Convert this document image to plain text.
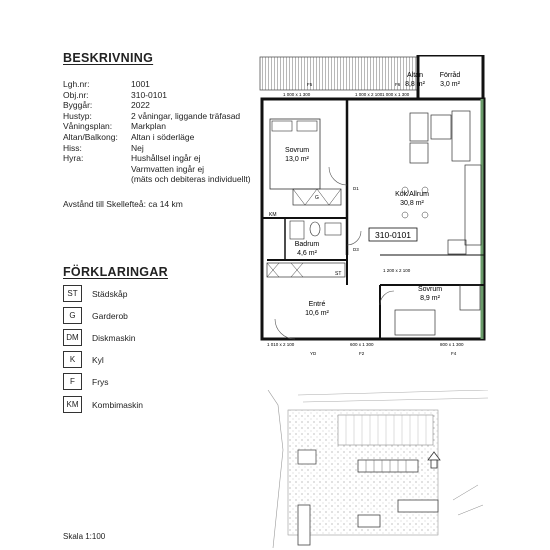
BESKRIVNING
Lgh.nr:	1001
Obj.nr:	310-0101
Byggår:	2022
Hustyp:	2 våningar, liggande träfasad
Våningsplan:	Markplan
Altan/Balkong:	Altan i söderläge
Hiss:	Nej
Hyra:	Hushållsel ingår ej
Varmvatten ingår ej
(mäts och debiteras individuellt)
Avstånd till Skellefteå: ca 14 km
FÖRKLARINGAR
ST	Städskåp
G	Garderob
DM	Diskmaskin
K	Kyl
F	Frys
KM	Kombimaskin
Skala 1:100
Altan
8,8 m²
Förråd
3,0 m²
Sovrum
13,0 m²
Kök/Allrum
30,8 m²
Badrum
4,6 m²
Entré
10,6 m²
Sovrum
8,9 m²
310-0101
1 000 x 1 300
F5
1 000 x 2 100 1 000 x 1 300
F6
1 200 x 2 100
1 010 x 2 100
YD
600 x 1 300
F2
800 x 1 300
F4
D1
D3
KM
ST
G
